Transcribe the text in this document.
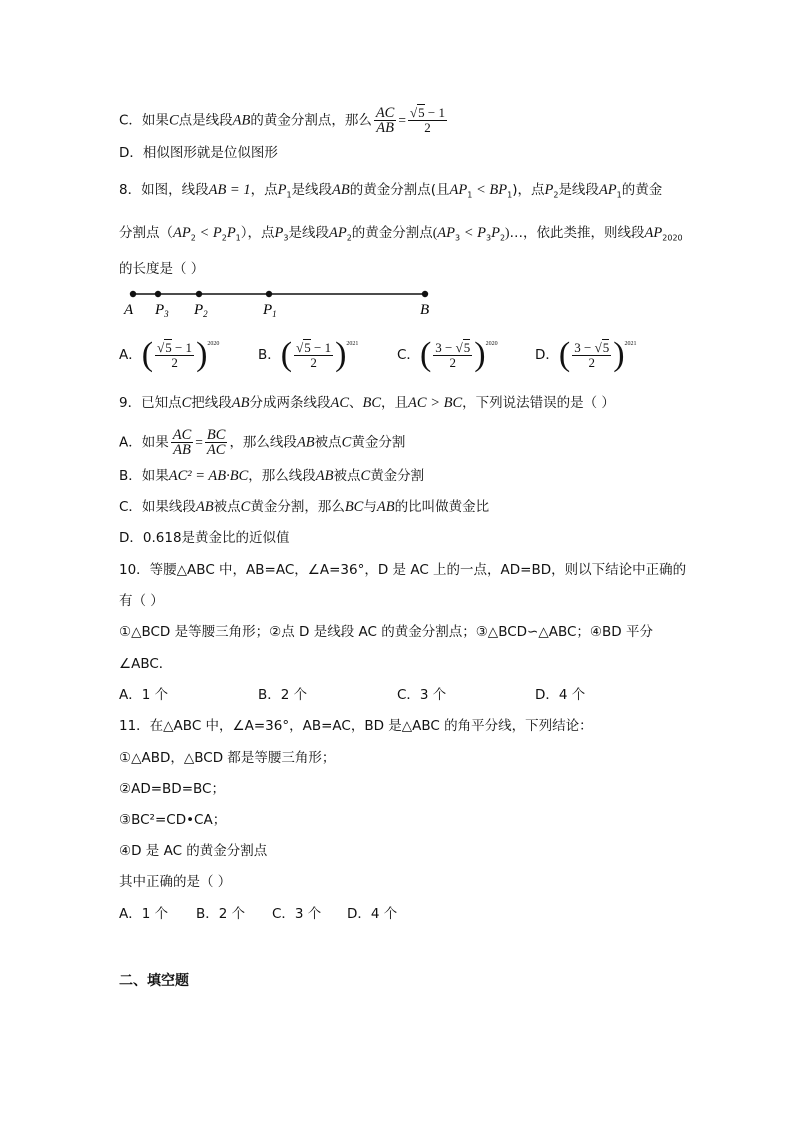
C．如果C点是线段AB的黄金分割点，那么 $\frac{AC}{AB} = \frac{√5 - 1}{2}$
D．相似图形就是位似图形
8．如图，线段AB = 1，点$P_1$是线段AB的黄金分割点(且$AP_1 < BP_1$)，点$P_2$是线段$AP_1$的黄金
分割点$(AP_2 < P_2P_1)$，点$P_3$是线段$AP_2$的黄金分割点($AP_3$ < $P_3P_2)\dots$，依此类推，则线段$AP_{2020}$
的长度是（ ）
A $P_3$ $P_2$	$P_1$	B
A．( $\frac{√5 - 1}{2} )^{2020}$
B．( $\frac{√5 - 1}{2} )^{2021}$
C．( $\frac{3 - √5}{2} )^{2020}$
D．( $\frac{3 - √5}{2} )^{2021}$
9．已知点C把线段AB分成两条线段AC、BC，且AC > BC，下列说法错误的是（ ）
A．如果 $\frac{AC}{AB} = \frac{BC}{AC}$ ，那么线段AB被点C黄金分割
B．如果AC² = AB·BC，那么线段AB被点C黄金分割
C．如果线段AB被点C黄金分割，那么BC与AB的比叫做黄金比
D．0.618是黄金比的近似值
10．等腰△ABC 中，AB=AC，∠A=36°，D 是 AC 上的一点，AD=BD，则以下结论中正确的
有（ ）
①△BCD 是等腰三角形；②点 D 是线段 AC 的黄金分割点；③△BCD∽△ABC；④BD 平分
∠ABC．
A．1 个	B．2 个	C．3 个	D．4 个
11．在△ABC 中，∠A=36°，AB=AC，BD 是△ABC 的角平分线，下列结论：
①△ABD，△BCD 都是等腰三角形；
②AD=BD=BC；
③BC²=CD•CA；
④D 是 AC 的黄金分割点
其中正确的是（ ）
A．1 个 B．2 个 C．3 个 D．4 个
二、填空题
